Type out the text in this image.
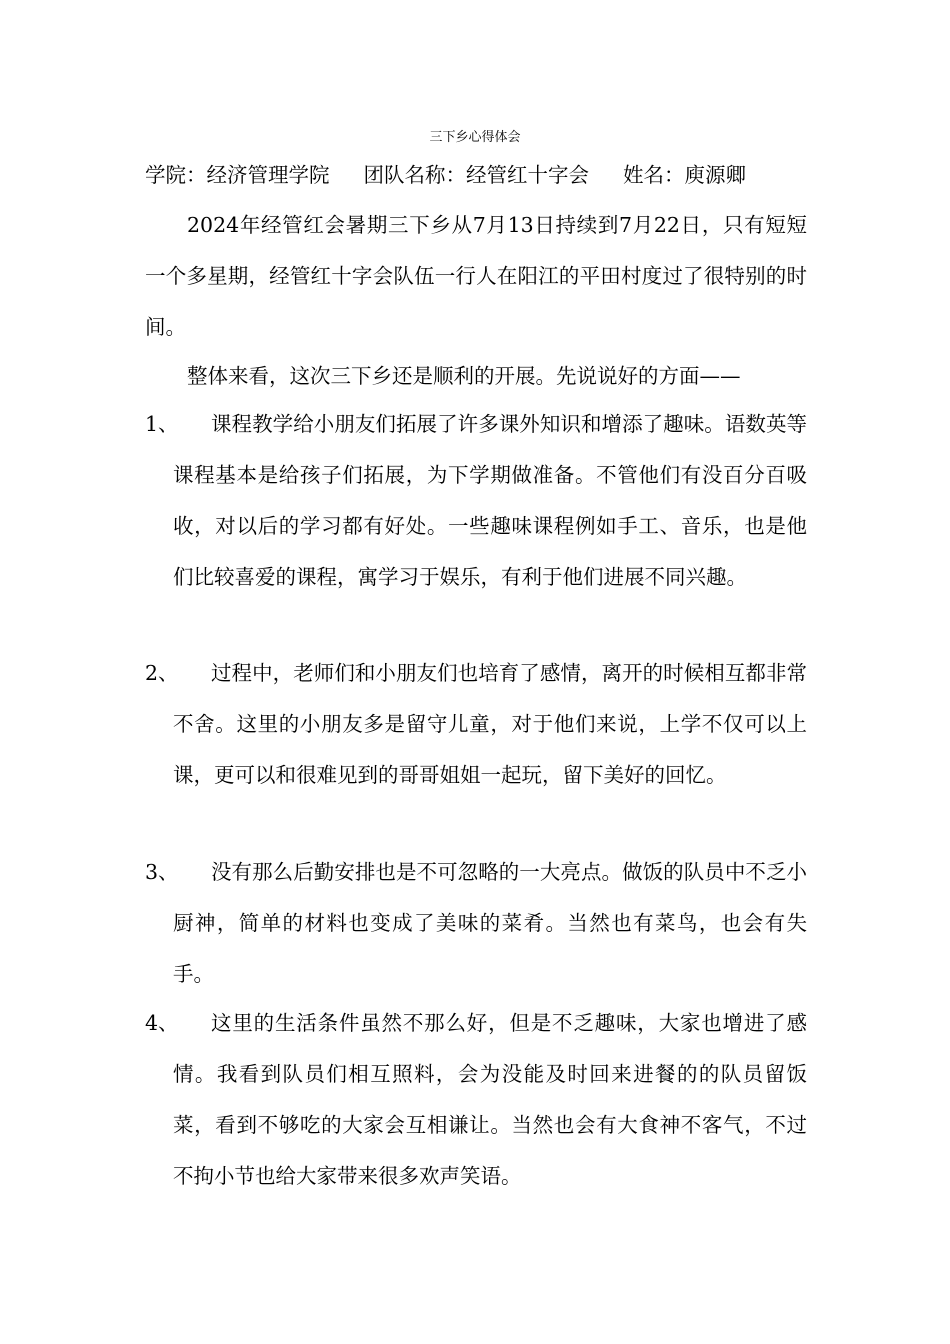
三下乡心得体会
学院：经济管理学院 团队名称：经管红十字会 姓名：庾源卿

2024年经管红会暑期三下乡从7月13日持续到7月22日，只有短短一个多星期，经管红十字会队伍一行人在阳江的平田村度过了很特别的时间。

整体来看，这次三下乡还是顺利的开展。先说说好的方面——

1、	课程教学给小朋友们拓展了许多课外知识和增添了趣味。语数英等课程基本是给孩子们拓展，为下学期做准备。不管他们有没百分百吸收，对以后的学习都有好处。一些趣味课程例如手工、音乐，也是他们比较喜爱的课程，寓学习于娱乐，有利于他们进展不同兴趣。
2、	过程中，老师们和小朋友们也培育了感情，离开的时候相互都非常不舍。这里的小朋友多是留守儿童，对于他们来说，上学不仅可以上课，更可以和很难见到的哥哥姐姐一起玩，留下美好的回忆。
3、	没有那么后勤安排也是不可忽略的一大亮点。做饭的队员中不乏小厨神，简单的材料也变成了美味的菜肴。当然也有菜鸟，也会有失手。
4、	这里的生活条件虽然不那么好，但是不乏趣味，大家也增进了感情。我看到队员们相互照料，会为没能及时回来进餐的的队员留饭菜，看到不够吃的大家会互相谦让。当然也会有大食神不客气，不过不拘小节也给大家带来很多欢声笑语。
